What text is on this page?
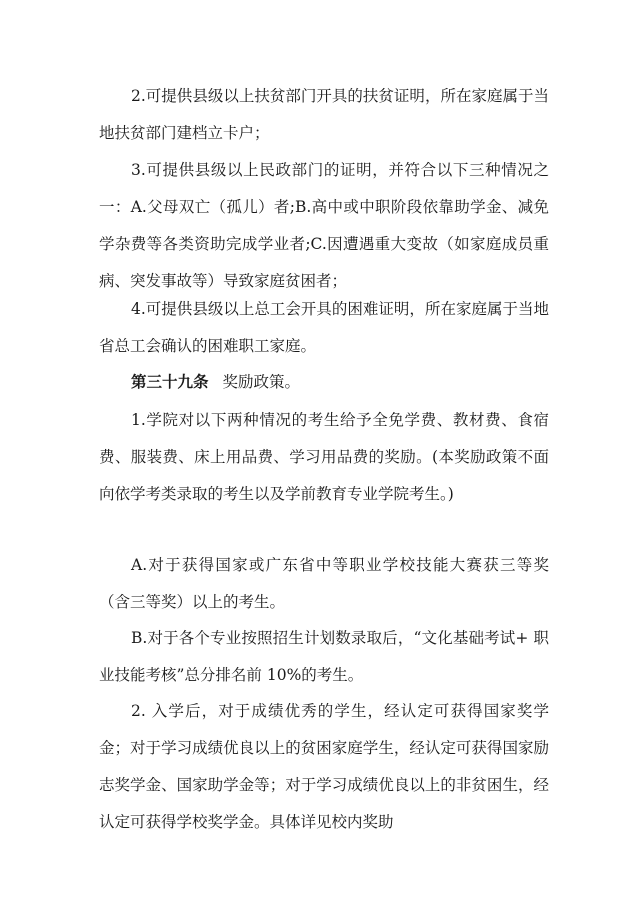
2.可提供县级以上扶贫部门开具的扶贫证明，所在家庭属于当地扶贫部门建档立卡户；

3.可提供县级以上民政部门的证明，并符合以下三种情况之一：A.父母双亡（孤儿）者;B.高中或中职阶段依靠助学金、减免学杂费等各类资助完成学业者;C.因遭遇重大变故（如家庭成员重病、突发事故等）导致家庭贫困者；

4.可提供县级以上总工会开具的困难证明，所在家庭属于当地省总工会确认的困难职工家庭。

第三十九条 奖励政策。

1.学院对以下两种情况的考生给予全免学费、教材费、食宿费、服装费、床上用品费、学习用品费的奖励。(本奖励政策不面向依学考类录取的考生以及学前教育专业学院考生。)

A.对于获得国家或广东省中等职业学校技能大赛获三等奖（含三等奖）以上的考生。

B.对于各个专业按照招生计划数录取后，“文化基础考试+ 职业技能考核”总分排名前 10%的考生。

2. 入学后，对于成绩优秀的学生，经认定可获得国家奖学金；对于学习成绩优良以上的贫困家庭学生，经认定可获得国家励志奖学金、国家助学金等；对于学习成绩优良以上的非贫困生，经认定可获得学校奖学金。具体详见校内奖助
